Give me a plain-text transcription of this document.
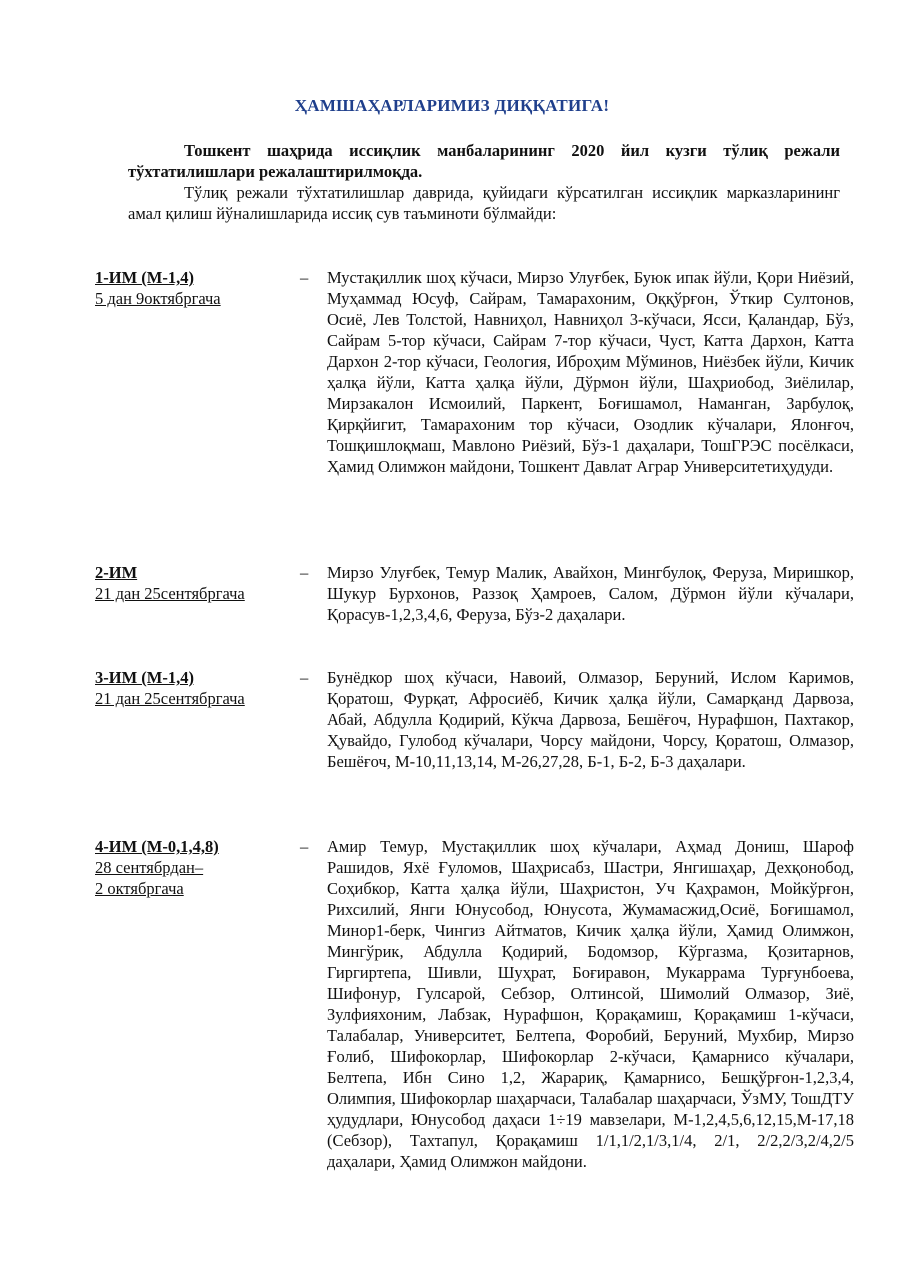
ҲАМШАҲАРЛАРИМИЗ ДИҚҚАТИГА!
Тошкент шаҳрида иссиқлик манбаларининг 2020 йил кузги тўлиқ режали тўхтатилишлари режалаштирилмоқда.
Тўлиқ режали тўхтатилишлар даврида, қуйидаги кўрсатилган иссиқлик марказларининг амал қилиш йўналишларида иссиқ сув таъминоти бўлмайди:
1-ИМ (М-1,4)
5 дан 9октябргача
– Мустақиллик шоҳ кўчаси, Мирзо Улуғбек, Буюк ипак йўли, Қори Ниёзий, Муҳаммад Юсуф, Сайрам, Тамарахоним, Оққўрғон, Ўткир Султонов, Осиё, Лев Толстой, Навниҳол, Навниҳол 3-кўчаси, Ясси, Қаландар, Бўз, Сайрам 5-тор кўчаси, Сайрам 7-тор кўчаси, Чуст, Катта Дархон, Катта Дархон 2-тор кўчаси, Геология, Иброҳим Мўминов, Ниёзбек йўли, Кичик ҳалқа йўли, Катта ҳалқа йўли, Дўрмон йўли, Шаҳриобод, Зиёлилар, Мирзакалон Исмоилий, Паркент, Боғишамол, Наманган, Зарбулоқ, Қирқйигит, Тамарахоним тор кўчаси, Озодлик кўчалари, Ялонғоч, Тошқишлоқмаш, Мавлоно Риёзий, Бўз-1 даҳалари, ТошГРЭС посёлкаси, Ҳамид Олимжон майдони, Тошкент Давлат Аграр Университетиҳудуди.
2-ИМ
21 дан 25сентябргача
– Мирзо Улуғбек, Темур Малик, Авайхон, Мингбулоқ, Феруза, Миришкор, Шукур Бурхонов, Раззоқ Ҳамроев, Салом, Дўрмон йўли кўчалари, Қорасув-1,2,3,4,6, Феруза, Бўз-2 даҳалари.
3-ИМ (М-1,4)
21 дан 25сентябргача
– Бунёдкор шоҳ кўчаси, Навоий, Олмазор, Беруний, Ислом Каримов, Қоратош, Фурқат, Афросиёб, Кичик ҳалқа йўли, Самарқанд Дарвоза, Абай, Абдулла Қодирий, Кўкча Дарвоза, Бешёғоч, Нурафшон, Пахтакор, Ҳувайдо, Гулобод кўчалари, Чорсу майдони, Чорсу, Қоратош, Олмазор, Бешёғоч, М-10,11,13,14, М-26,27,28, Б-1, Б-2, Б-3 даҳалари.
4-ИМ (М-0,1,4,8)
28 сентябрдан–
2 октябргача
– Амир Темур, Мустақиллик шоҳ кўчалари, Аҳмад Дониш, Шароф Рашидов, Яхё Ғуломов, Шаҳрисабз, Шастри, Янгишаҳар, Дехқонобод, Соҳибкор, Катта ҳалқа йўли, Шаҳристон, Уч Қаҳрамон, Мойкўрғон, Рихсилий, Янги Юнусобод, Юнусота, Жумамасжид,Осиё, Боғишамол, Минор1-берк, Чингиз Айтматов, Кичик ҳалқа йўли, Ҳамид Олимжон, Мингўрик, Абдулла Қодирий, Бодомзор, Кўргазма, Қозитарнов, Гиргиртепа, Шивли, Шуҳрат, Боғиравон, Мукаррама Турғунбоева, Шифонур, Гулсарой, Себзор, Олтинсой, Шимолий Олмазор, Зиё, Зулфияхоним, Лабзак, Нурафшон, Қорақамиш, Қорақамиш 1-кўчаси, Талабалар, Университет, Белтепа, Форобий, Беруний, Мухбир, Мирзо Ғолиб, Шифокорлар, Шифокорлар 2-кўчаси, Қамарнисо кўчалари, Белтепа, Ибн Сино 1,2, Жарариқ, Қамарнисо, Бешқўрғон-1,2,3,4, Олимпия, Шифокорлар шаҳарчаси, Талабалар шаҳарчаси, ЎзМУ, ТошДТУ ҳудудлари, Юнусобод даҳаси 1÷19 мавзелари, М-1,2,4,5,6,12,15,М-17,18 (Себзор), Тахтапул, Қорақамиш 1/1,1/2,1/3,1/4, 2/1, 2/2,2/3,2/4,2/5 даҳалари, Ҳамид Олимжон майдони.
